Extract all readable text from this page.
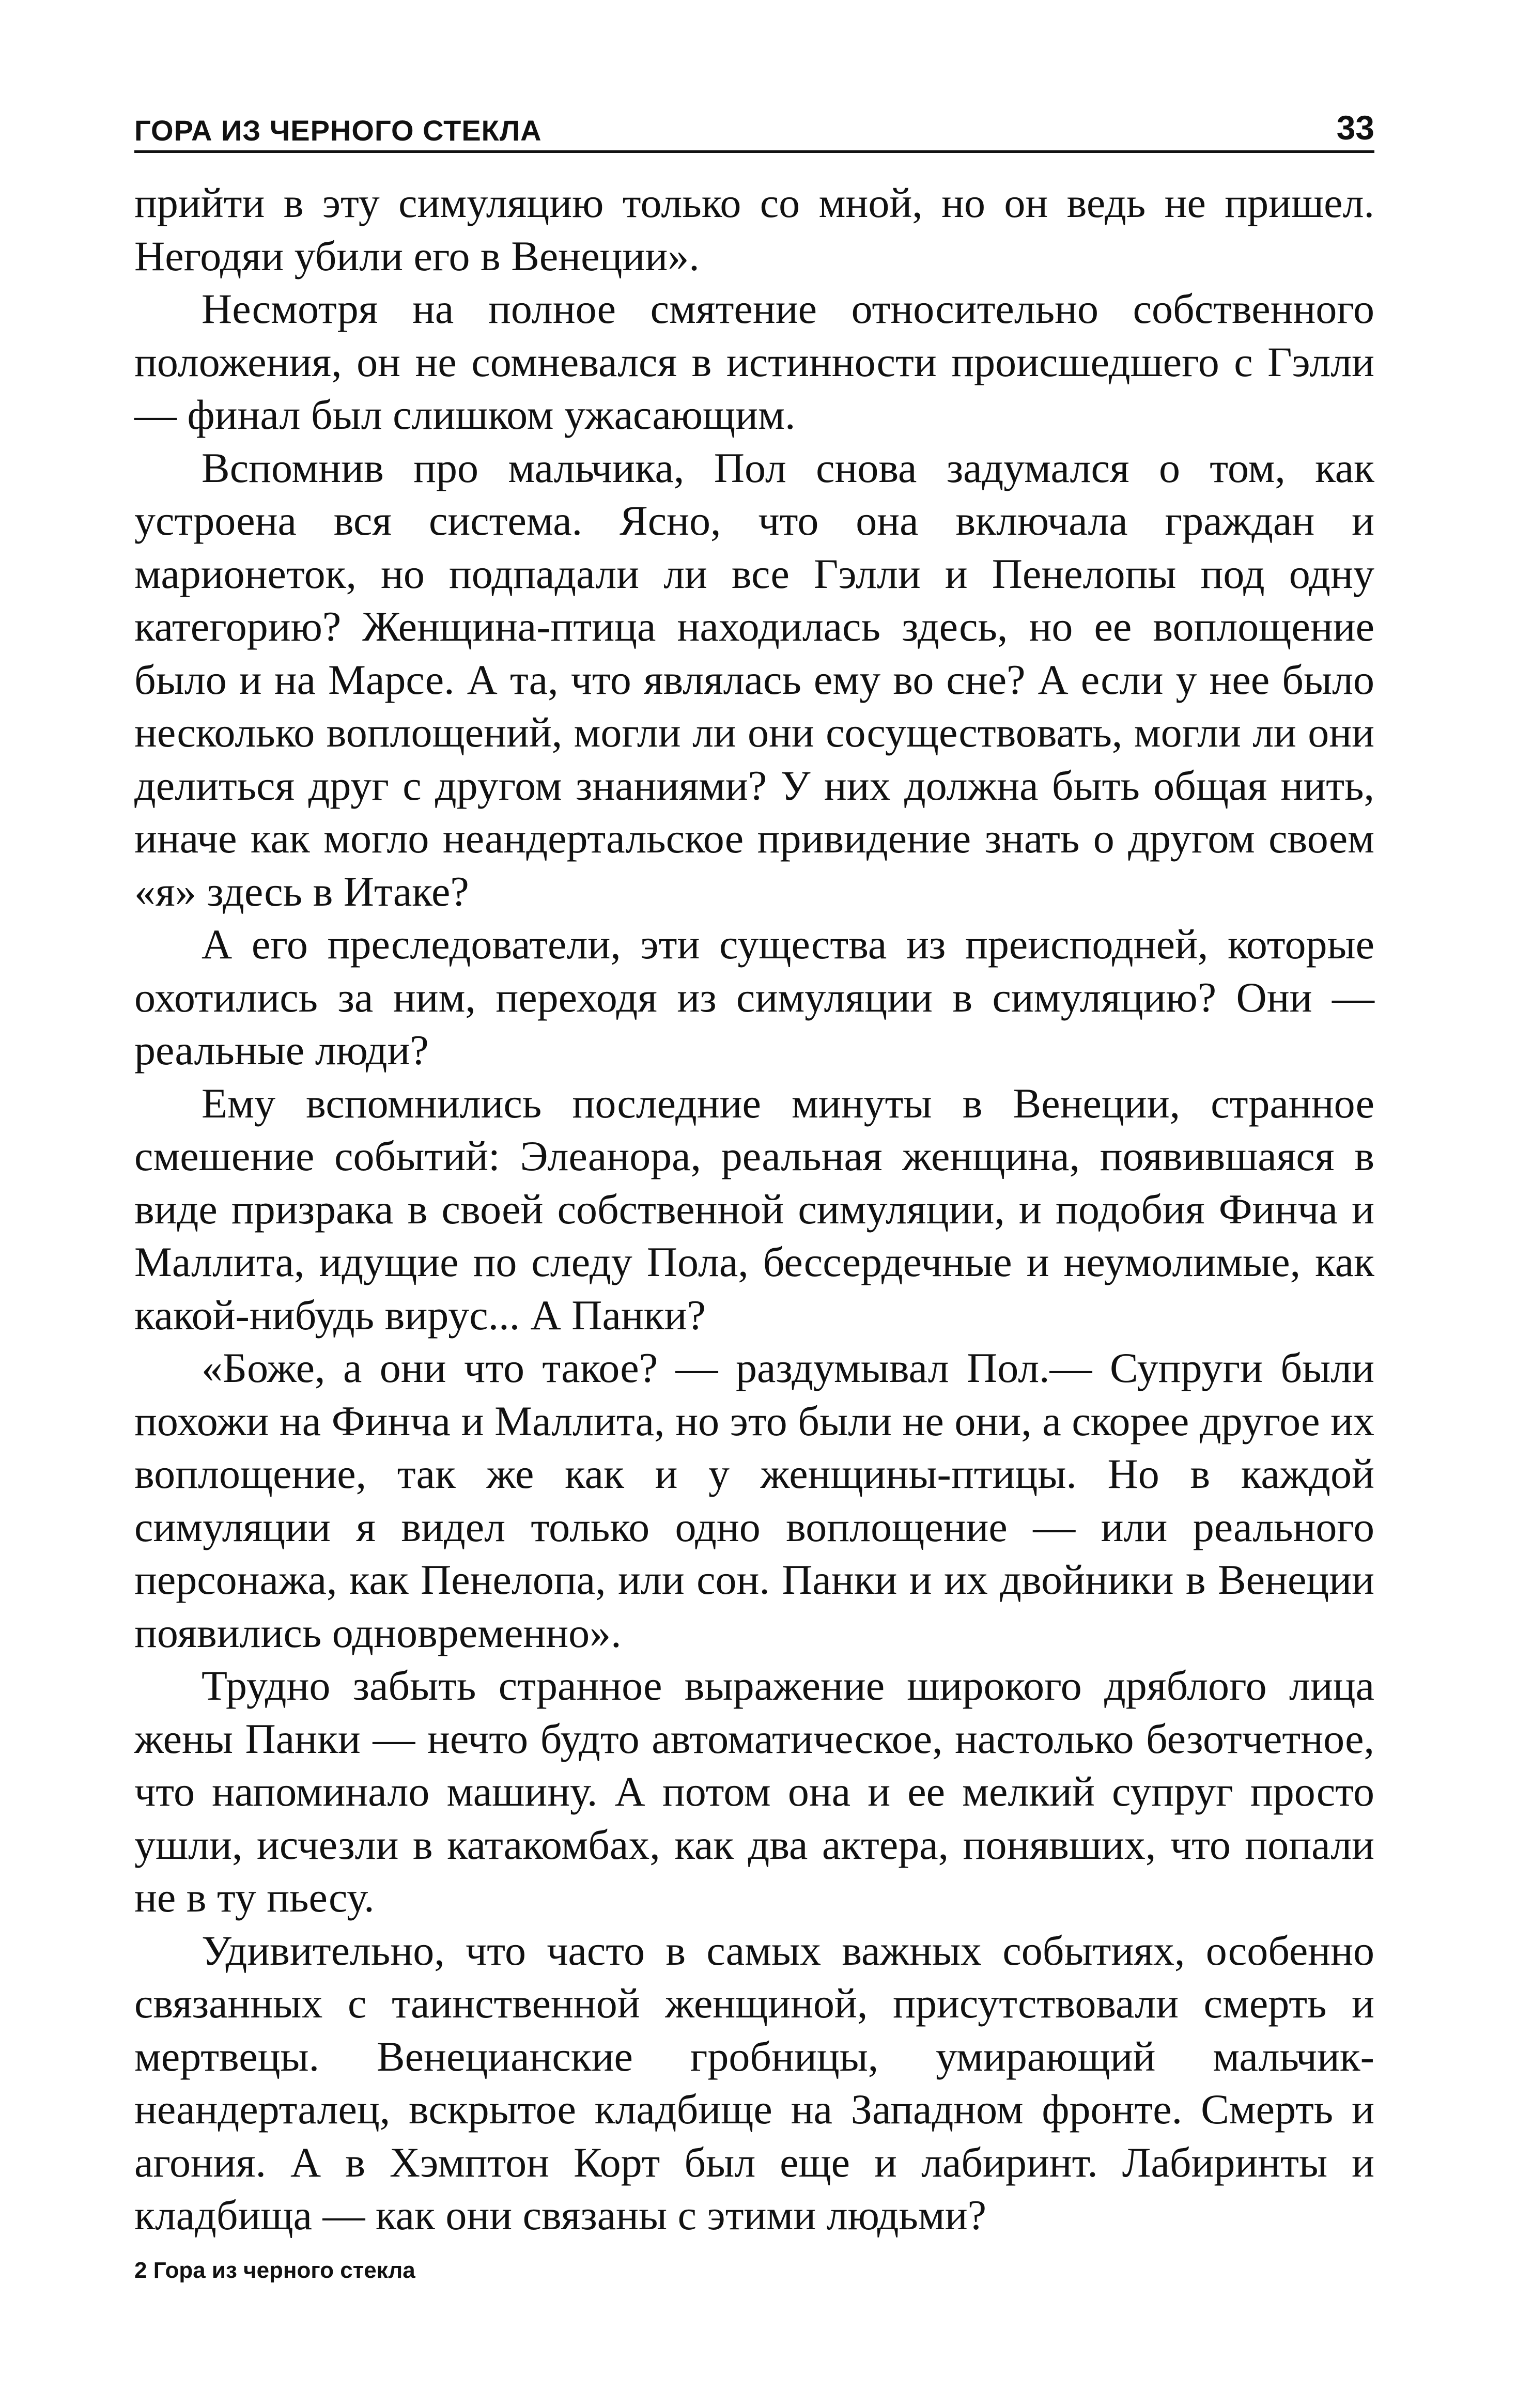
ГОРА ИЗ ЧЕРНОГО СТЕКЛА	33

прийти в эту симуляцию только со мной, но он ведь не пришел. Негодяи убили его в Венеции».

Несмотря на полное смятение относительно собственного положения, он не сомневался в истинности происшедшего с Гэлли — финал был слишком ужасающим.

Вспомнив про мальчика, Пол снова задумался о том, как устроена вся система. Ясно, что она включала граждан и марионеток, но подпадали ли все Гэлли и Пенелопы под одну категорию? Женщина-птица находилась здесь, но ее воплощение было и на Марсе. А та, что являлась ему во сне? А если у нее было несколько воплощений, могли ли они сосуществовать, могли ли они делиться друг с другом знаниями? У них должна быть общая нить, иначе как могло неандертальское привидение знать о другом своем «я» здесь в Итаке?

А его преследователи, эти существа из преисподней, которые охотились за ним, переходя из симуляции в симуляцию? Они — реальные люди?

Ему вспомнились последние минуты в Венеции, странное смешение событий: Элеанора, реальная женщина, появившаяся в виде призрака в своей собственной симуляции, и подобия Финча и Маллита, идущие по следу Пола, бессердечные и неумолимые, как какой-нибудь вирус... А Панки?

«Боже, а они что такое? — раздумывал Пол.— Супруги были похожи на Финча и Маллита, но это были не они, а скорее другое их воплощение, так же как и у женщины-птицы. Но в каждой симуляции я видел только одно воплощение — или реального персонажа, как Пенелопа, или сон. Панки и их двойники в Венеции появились одновременно».

Трудно забыть странное выражение широкого дряблого лица жены Панки — нечто будто автоматическое, настолько безотчетное, что напоминало машину. А потом она и ее мелкий супруг просто ушли, исчезли в катакомбах, как два актера, понявших, что попали не в ту пьесу.

Удивительно, что часто в самых важных событиях, особенно связанных с таинственной женщиной, присутствовали смерть и мертвецы. Венецианские гробницы, умирающий мальчик-неандерталец, вскрытое кладбище на Западном фронте. Смерть и агония. А в Хэмптон Корт был еще и лабиринт. Лабиринты и кладбища — как они связаны с этими людьми?

2 Гора из черного стекла
